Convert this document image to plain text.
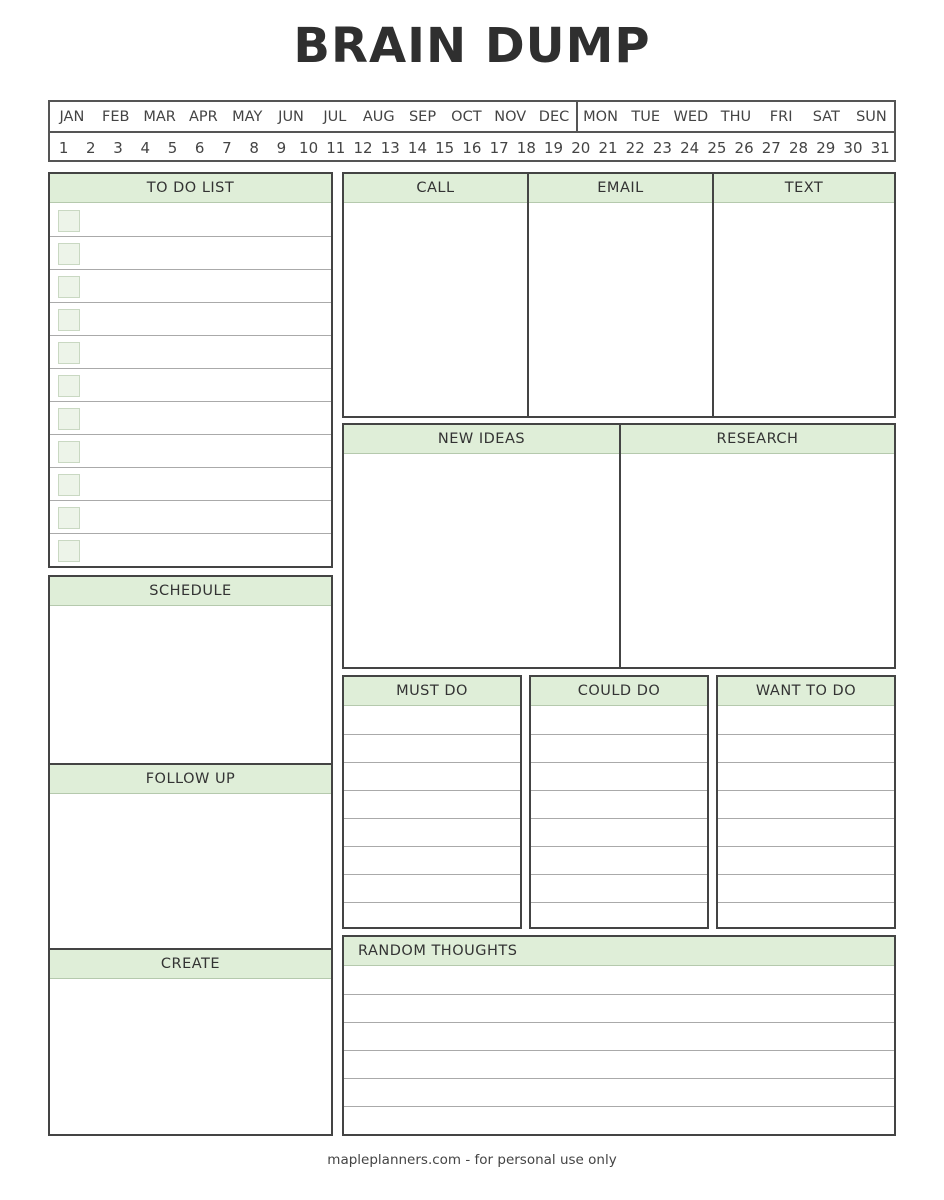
BRAIN DUMP
JAN	FEB MAR APR MAY	JUN	JUL	AUG SEP	OCT NOV DEC MON TUE WED THU	FRI	SAT	SUN
1	2	3	4	5	6	7	8	9 10 11 12 13 14 15 16 17 18 19 20 21 22 23 24 25 26 27 28 29 30 31
TO DO LIST	CALL	EMAIL	TEXT
NEW IDEAS	RESEARCH
SCHEDULE
FOLLOW UP
CREATE
MUST DO	COULD DO	WANT TO DO
RANDOM THOUGHTS
mapleplanners.com - for personal use only
